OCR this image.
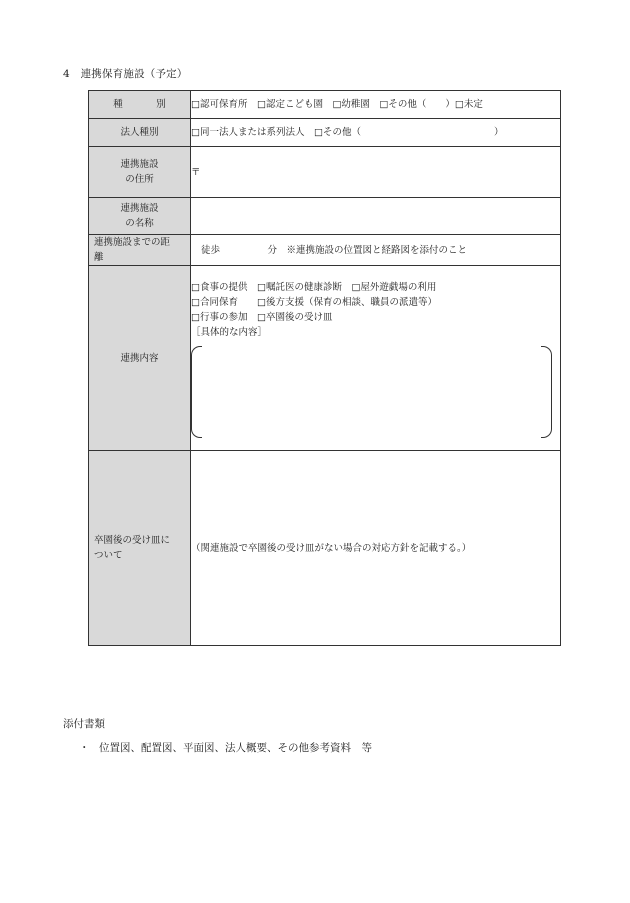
4　連携保育施設（予定）
種　別	□認可保育所　□認定こども園　□幼稚園　□その他（　　）□未定
法人種別	□同一法人または系列法人　□その他（　　　　　　　　　　　　　　）

連携施設
の住所	〒

連携施設
の名称	

連携施設までの距
離	徒歩　　　　　分　※連携施設の位置図と経路図を添付のこと
連携内容	□食事の提供　□嘱託医の健康診断　□屋外遊戯場の利用
□合同保育　　□後方支援（保育の相談、職員の派遣等）
□行事の参加　□卒園後の受け皿
［具体的な内容］

卒園後の受け皿に
ついて	（関連施設で卒園後の受け皿がない場合の対応方針を記載する。）
添付書類
・ 位置図、配置図、平面図、法人概要、その他参考資料　等
